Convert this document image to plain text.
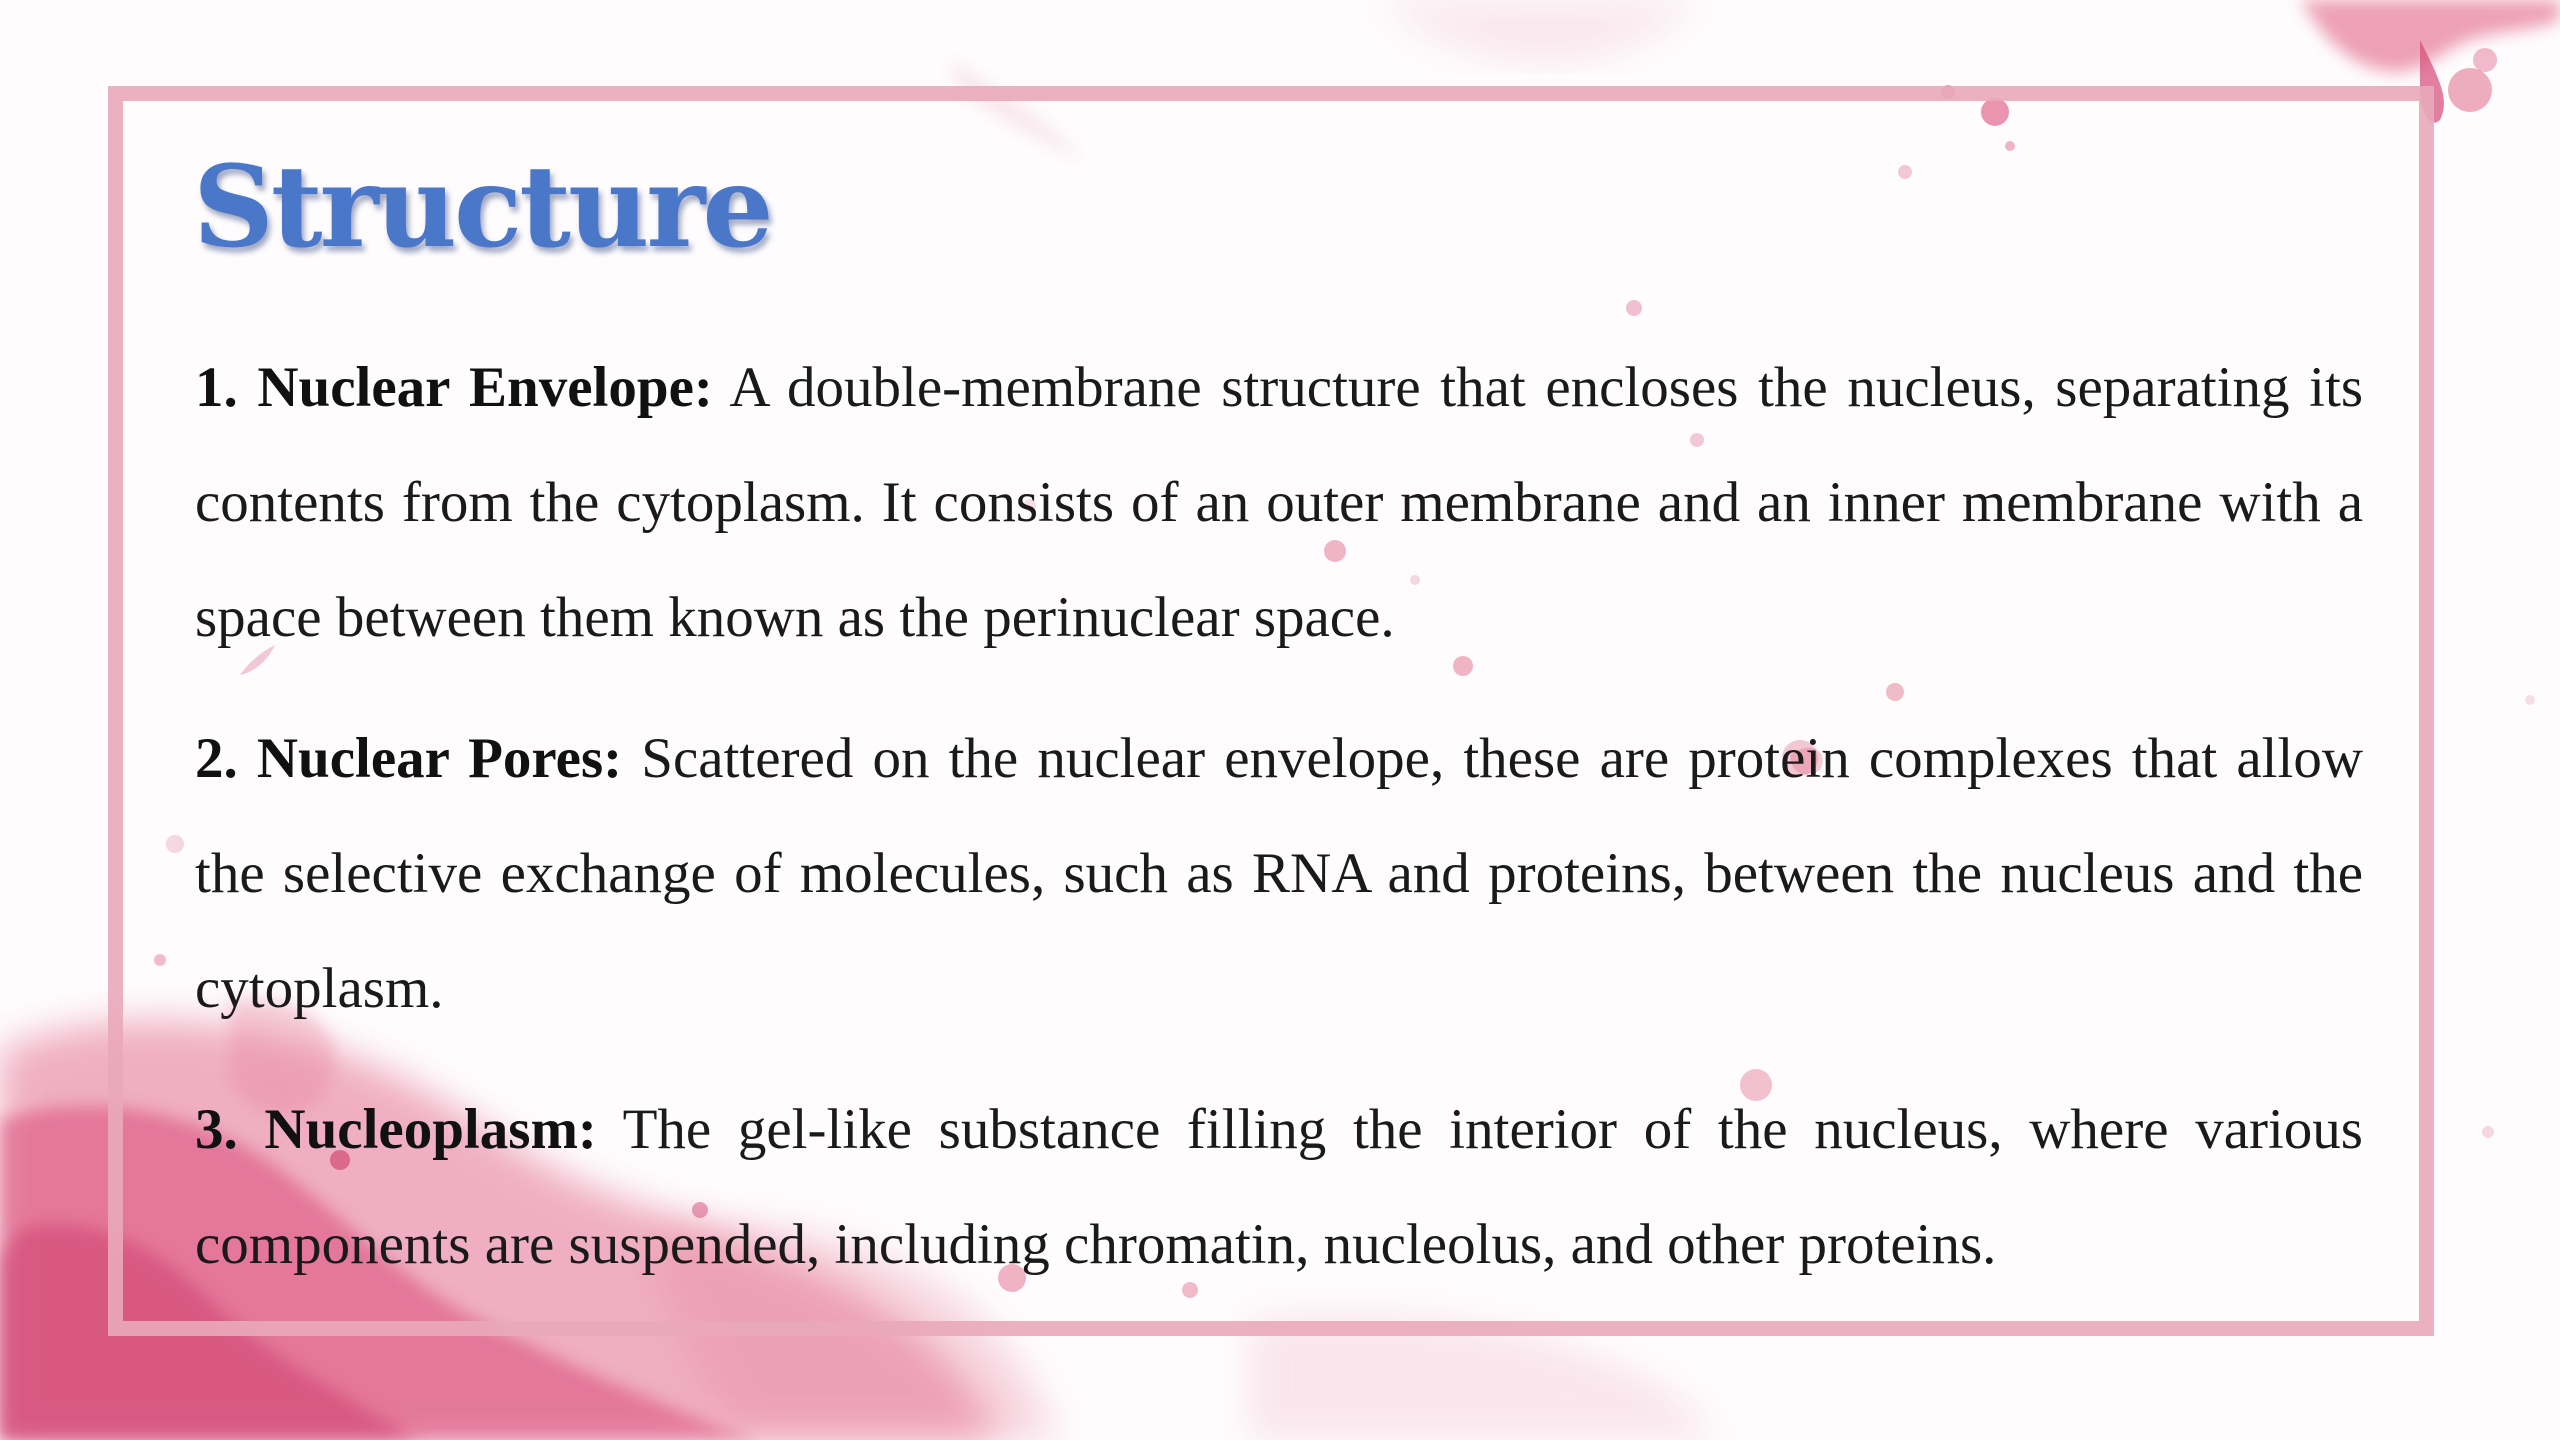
Structure

1. Nuclear Envelope: A double-membrane structure that encloses the nucleus, separating its contents from the cytoplasm. It consists of an outer membrane and an inner membrane with a space between them known as the perinuclear space.

2. Nuclear Pores: Scattered on the nuclear envelope, these are protein complexes that allow the selective exchange of molecules, such as RNA and proteins, between the nucleus and the cytoplasm.

3. Nucleoplasm: The gel-like substance filling the interior of the nucleus, where various components are suspended, including chromatin, nucleolus, and other proteins.
